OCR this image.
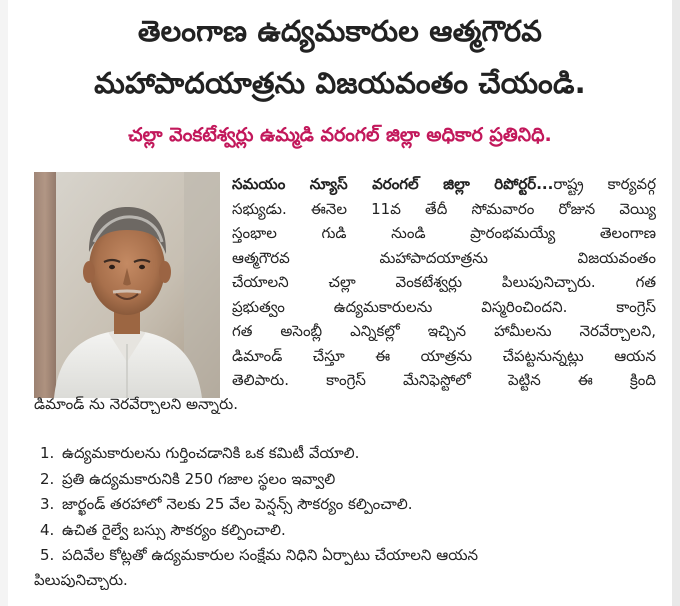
తెలంగాణ ఉద్యమకారుల ఆత్మగౌరవ
మహాపాదయాత్రను విజయవంతం చేయండి.
చల్లా వెంకటేశ్వర్లు ఉమ్మడి వరంగల్ జిల్లా అధికార ప్రతినిధి.
సమయం న్యూస్ వరంగల్ జిల్లా రిపోర్టర్...రాష్ట్ర కార్యవర్గ
సభ్యుడు. ఈనెల 11వ తేదీ సోమవారం రోజున వెయ్యి
స్తంభాల గుడి నుండి ప్రారంభమయ్యే తెలంగాణ
ఆత్మగౌరవ మహాపాదయాత్రను విజయవంతం
చేయాలని చల్లా వెంకటేశ్వర్లు పిలుపునిచ్చారు. గత
ప్రభుత్వం ఉద్యమకారులను విస్మరించిందని. కాంగ్రెస్
గత అసెంబ్లీ ఎన్నికల్లో ఇచ్చిన హామీలను నెరవేర్చాలని,
డిమాండ్ చేస్తూ ఈ యాత్రను చేపట్టనున్నట్లు ఆయన
తెలిపారు. కాంగ్రెస్ మేనిఫెస్టోలో పెట్టిన ఈ క్రింది
డిమాండ్ ను నెరవేర్చాలని అన్నారు.
1. ఉద్యమకారులను గుర్తించడానికి ఒక కమిటీ వేయాలి.
2. ప్రతి ఉద్యమకారునికి 250 గజాల స్థలం ఇవ్వాలి
3. జార్ఖండ్ తరహాలో నెలకు 25 వేల పెన్షన్స్ సౌకర్యం కల్పించాలి.
4. ఉచిత రైల్వే బస్సు సౌకర్యం కల్పించాలి.
5. పదివేల కోట్లతో ఉద్యమకారుల సంక్షేమ నిధిని ఏర్పాటు చేయాలని ఆయన
పిలుపునిచ్చారు.
